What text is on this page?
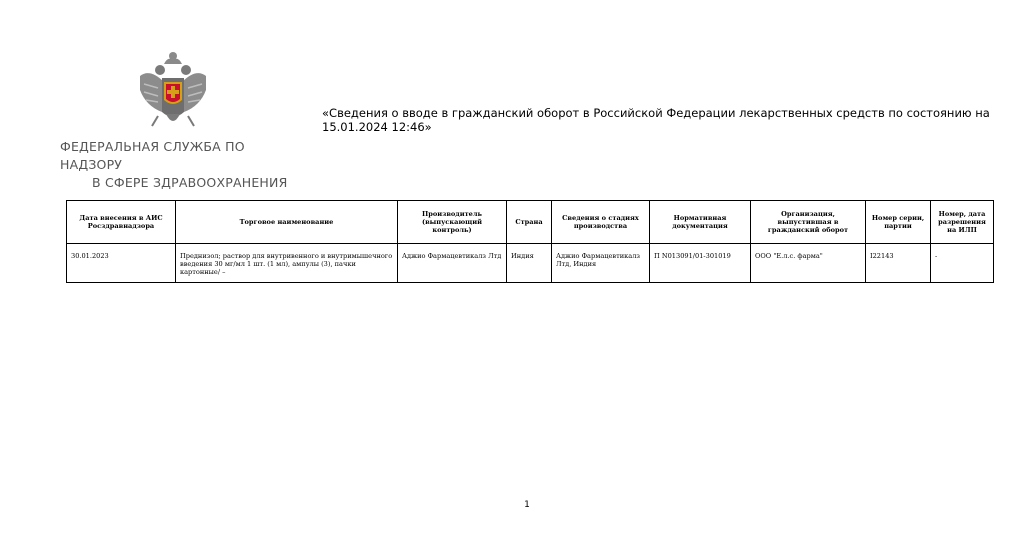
ФЕДЕРАЛЬНАЯ СЛУЖБА ПО НАДЗОРУ
В СФЕРЕ ЗДРАВООХРАНЕНИЯ
«Сведения о вводе в гражданский оборот в Российской Федерации лекарственных средств по состоянию на 15.01.2024 12:46»
Дата внесения в АИС Росздравнадзора	Торговое наименование	Производитель (выпускающий контроль)	Страна	Сведения о стадиях производства	Нормативная документация	Организация, выпустившая в гражданский оборот	Номер серии, партии	Номер, дата разрешения на ИЛП
30.01.2023	Преднизол; раствор для внутривенного и внутримышечного введения 30 мг/мл 1 шт. (1 мл), ампулы (3), пачки картонные/ –	Аджио Фармацевтикалз Лтд	Индия	Аджио Фармацевтикалз Лтд, Индия	П N013091/01-301019	ООО "Е.л.с. фарма"	I22143	-
1
